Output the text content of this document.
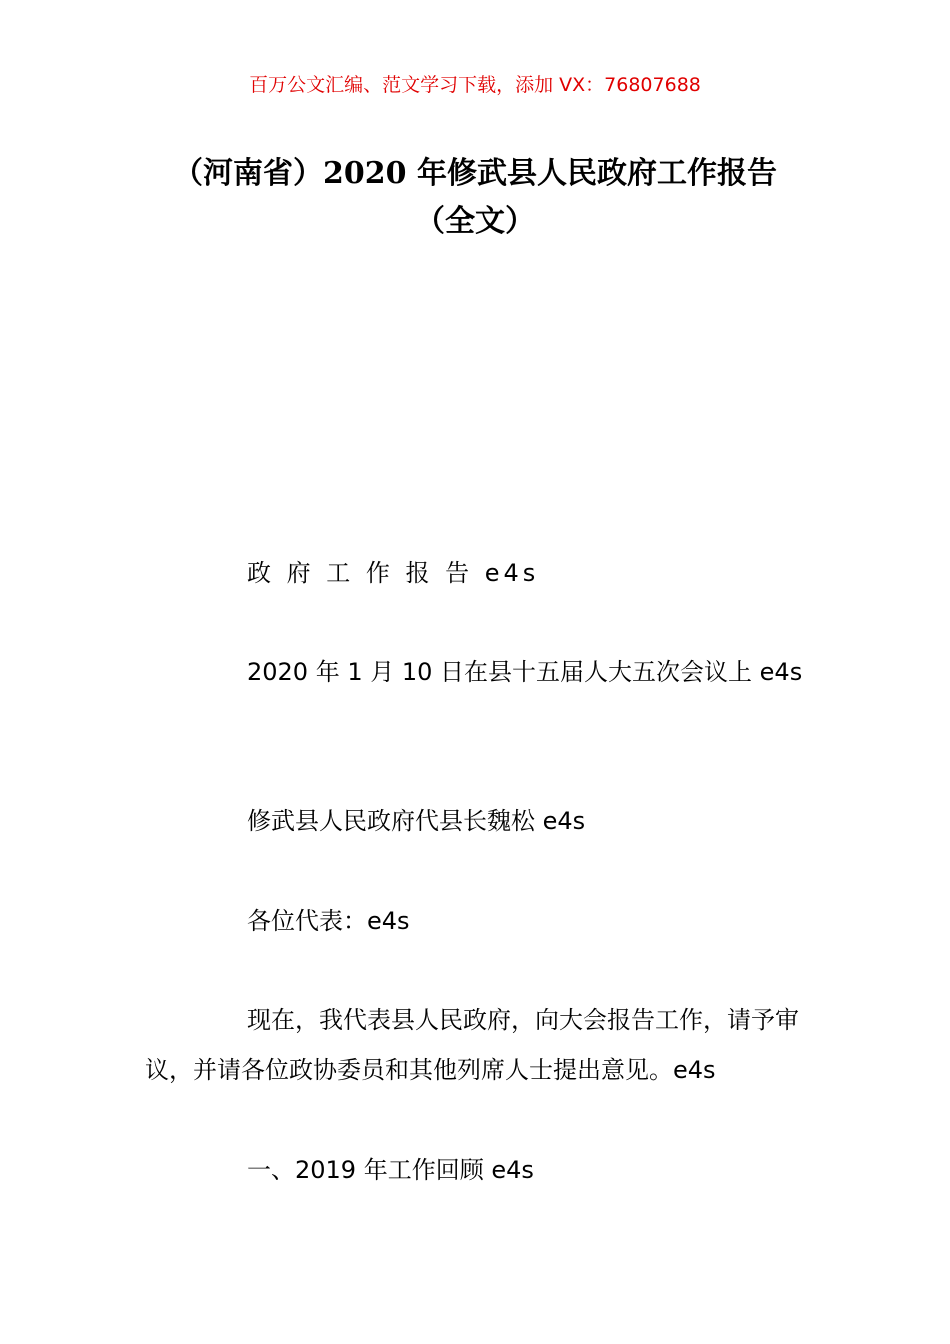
百万公文汇编、范文学习下载，添加 VX：76807688
（河南省）2020 年修武县人民政府工作报告（全文）
政 府 工 作 报 告 e4s
2020 年 1 月 10 日在县十五届人大五次会议上 e4s
修武县人民政府代县长魏松 e4s
各位代表：e4s
现在，我代表县人民政府，向大会报告工作，请予审议，并请各位政协委员和其他列席人士提出意见。e4s
一、2019 年工作回顾 e4s
